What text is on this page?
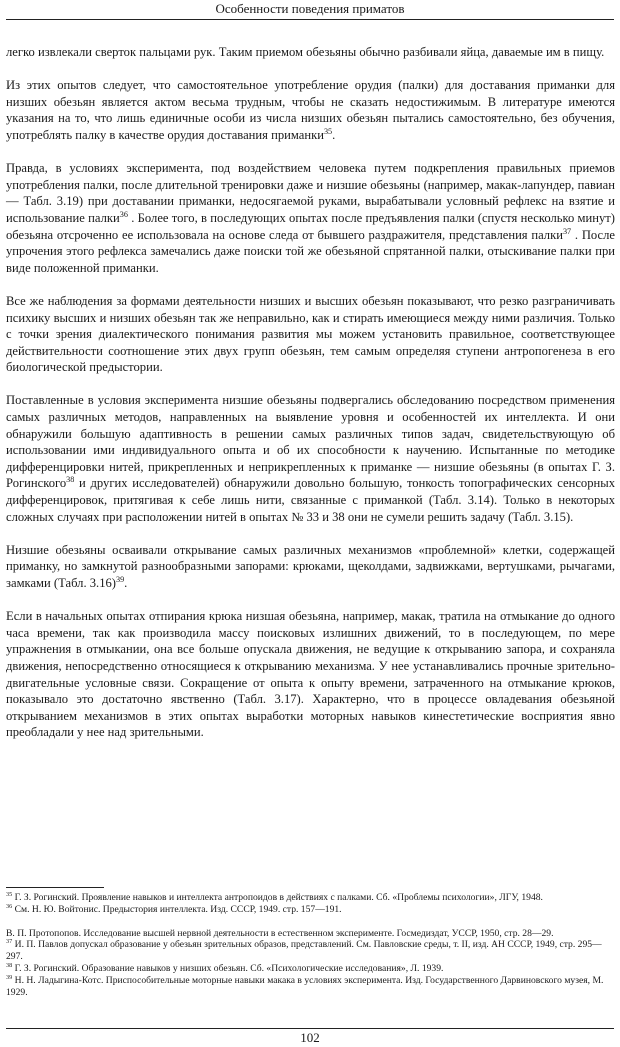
Особенности поведения приматов

легко извлекали сверток пальцами рук. Таким приемом обезьяны обычно разбивали яйца, даваемые им в пищу.

Из этих опытов следует, что самостоятельное употребление орудия (палки) для доставания приманки для низших обезьян является актом весьма трудным, чтобы не сказать недостижимым. В литературе имеются указания на то, что лишь единичные особи из числа низших обезьян пытались самостоятельно, без обучения, употреблять палку в качестве орудия доставания приманки$^{35}$.

Правда, в условиях эксперимента, под воздействием человека путем подкрепления правильных приемов употребления палки, после длительной тренировки даже и низшие обезьяны (например, макак-лапундер, павиан — Табл. 3.19) при доставании приманки, недосягаемой руками, вырабатывали условный рефлекс на взятие и использование палки$^{36}$ . Более того, в последующих опытах после предъявления палки (спустя несколько минут) обезьяна отсроченно ее использовала на основе следа от бывшего раздражителя, представления палки$^{37}$ . После упрочения этого рефлекса замечались даже поиски той же обезьяной спрятанной палки, отыскивание палки при виде положенной приманки.

Все же наблюдения за формами деятельности низших и высших обезьян показывают, что резко разграничивать психику высших и низших обезьян так же неправильно, как и стирать имеющиеся между ними различия. Только с точки зрения диалектического понимания развития мы можем установить правильное, соответствующее действительности соотношение этих двух групп обезьян, тем самым определяя ступени антропогенеза в его биологической предыстории.

Поставленные в условия эксперимента низшие обезьяны подвергались обследованию посредством применения самых различных методов, направленных на выявление уровня и особенностей их интеллекта. И они обнаружили большую адаптивность в решении самых различных типов задач, свидетельствующую об использовании ими индивидуального опыта и об их способности к научению. Испытанные по методике дифференцировки нитей, прикрепленных и неприкрепленных к приманке — низшие обезьяны (в опытах Г. З. Рогинского$^{38}$ и других исследователей) обнаружили довольно большую, тонкость топографических сенсорных дифференцировок, притягивая к себе лишь нити, связанные с приманкой (Табл. 3.14). Только в некоторых сложных случаях при расположении нитей в опытах № 33 и 38 они не сумели решить задачу (Табл. 3.15).

Низшие обезьяны осваивали открывание самых различных механизмов «проблемной» клетки, содержащей приманку, но замкнутой разнообразными запорами: крюками, щеколдами, задвижками, вертушками, рычагами, замками (Табл. 3.16)$^{39}$.

Если в начальных опытах отпирания крюка низшая обезьяна, например, макак, тратила на отмыкание до одного часа времени, так как производила массу поисковых излишних движений, то в последующем, по мере упражнения в отмыкании, она все больше опускала движения, не ведущие к открыванию запора, и сохраняла движения, непосредственно относящиеся к открыванию механизма. У нее устанавливались прочные зрительно-двигательные условные связи. Сокращение от опыта к опыту времени, затраченного на отмыкание крюков, показывало это достаточно явственно (Табл. 3.17). Характерно, что в процессе овладевания обезьяной открыванием механизмов в этих опытах выработки моторных навыков кинестетические восприятия явно преобладали у нее над зрительными.

$^{35}$ Г. З. Рогинский. Проявление навыков и интеллекта антропоидов в действиях с палками. Сб. «Проблемы психологии», ЛГУ, 1948.
$^{36}$ См. Н. Ю. Войтонис. Предыстория интеллекта. Изд. СССР, 1949. стр. 157—191.
В. П. Протопопов. Исследование высшей нервной деятельности в естественном эксперименте. Госмедиздат, УССР, 1950, стр. 28—29.
$^{37}$ И. П. Павлов допускал образование у обезьян зрительных образов, представлений. См. Павловские среды, т. II, изд. АН СССР, 1949, стр. 295—297.
$^{38}$ Г. З. Рогинский. Образование навыков у низших обезьян. Сб. «Психологические исследования», Л. 1939.
$^{39}$ Н. Н. Ладыгина-Котс. Приспособительные моторные навыки макака в условиях эксперимента. Изд. Государственного Дарвиновского музея, М. 1929.
102
